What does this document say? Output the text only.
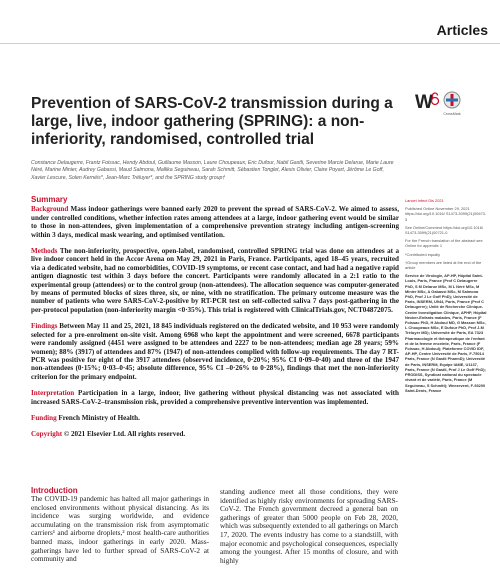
Articles
Prevention of SARS-CoV-2 transmission during a large, live, indoor gathering (SPRING): a non-inferiority, randomised, controlled trial
W
CrossMark
Constance Delaugerre, Frantz Foissac, Hendy Abdoul, Guillaume Masson, Laure Choupeaux, Eric Dufour, Nabil Gastli, Severine Marcie Delarue, Marie Laure Néré, Marine Minier, Audrey Gabassi, Maud Salmona, Mallika Seguineau, Sarah Schmitt, Sébastien Tonglet, Alexis Olivier, Claire Poyart, Jérôme Le Goff, Xavier Lescure, Solen Kernéis*, Jean-Marc Tréluyer*, and the SPRING study group†
Summary

Background Mass indoor gatherings were banned early 2020 to prevent the spread of SARS-CoV-2. We aimed to assess, under controlled conditions, whether infection rates among attendees at a large, indoor gathering event would be similar to those in non-attendees, given implementation of a comprehensive prevention strategy including antigen-screening within 3 days, medical mask wearing, and optimised ventilation.

Methods The non-inferiority, prospective, open-label, randomised, controlled SPRING trial was done on attendees at a live indoor concert held in the Accor Arena on May 29, 2021 in Paris, France. Participants, aged 18–45 years, recruited via a dedicated website, had no comorbidities, COVID-19 symptoms, or recent case contact, and had had a negative rapid antigen diagnostic test within 3 days before the concert. Participants were randomly allocated in a 2:1 ratio to the experimental group (attendees) or to the control group (non-attendees). The allocation sequence was computer-generated by means of permuted blocks of sizes three, six, or nine, with no stratification. The primary outcome measure was the number of patients who were SARS-CoV-2-positive by RT-PCR test on self-collected saliva 7 days post-gathering in the per-protocol population (non-inferiority margin <0·35%). This trial is registered with ClinicalTrials.gov, NCT04872075.

Findings Between May 11 and 25, 2021, 18 845 individuals registered on the dedicated website, and 10 953 were randomly selected for a pre-enrolment on-site visit. Among 6968 who kept the appointment and were screened, 6678 participants were randomly assigned (4451 were assigned to be attendees and 2227 to be non-attendees; median age 28 years; 59% women); 88% (3917) of attendees and 87% (1947) of non-attendees complied with follow-up requirements. The day 7 RT-PCR was positive for eight of the 3917 attendees (observed incidence, 0·20%; 95% CI 0·09–0·40) and three of the 1947 non-attendees (0·15%; 0·03–0·45; absolute difference, 95% CI –0·26% to 0·28%), findings that met the non-inferiority criterion for the primary endpoint.

Interpretation Participation in a large, indoor, live gathering without physical distancing was not associated with increased SARS-CoV-2–transmission risk, provided a comprehensive preventive intervention was implemented.

Funding French Ministry of Health.

Copyright © 2021 Elsevier Ltd. All rights reserved.

Introduction

The COVID-19 pandemic has halted all major gatherings in enclosed environments without physical distancing. As its incidence was surging worldwide, and evidence accumulating on the transmission risk from asymptomatic carriers¹ and airborne droplets,² most health-care authorities banned mass, indoor gatherings in early 2020. Mass-gatherings have led to further spread of SARS-CoV-2 at community and

standing audience meet all those conditions, they were identified as highly risky environments for spreading SARS-CoV-2. The French government decreed a general ban on gatherings of greater than 5000 people on Feb 28, 2020, which was subsequently extended to all gatherings on March 17, 2020. The events industry has come to a standstill, with major economic and psychological consequences, especially among the youngest. After 15 months of closure, and with highly

Lancet Infect Dis 2021
Published Online November 29, 2021 https://doi.org/10.1016/ S1473-3099(21)00673-3
See Online/Comment https://doi.org/10.1016/ S1473-3099(21)00721-0
For the French translation of the abstract see Online for appendix 1
*Contributed equally
†Group members are listed at the end of the article
Service de Virologie, AP-HP, Hôpital Saint-Louis, Paris, France (Prof C Delaugerre PhD, S M Delarue MSc, M L Néré MSc, M Minier MSc, A Gabassi MSc, M Salmona PhD, Prof J Le Goff PhD); Université de Paris, INSERM, U944, Paris, France (Prof C Delaugerre); Unité de Recherche Clinique-Centre Investigation Clinique, APHP, Hôpital Necker-Enfants malades, Paris, France (F Foissac PhD, H Abdoul MD, G Masson MSc, L Choupeaux MSc, E Dufour PhD, Prof J-M Tréluyer MD); Université de Paris, EA 7323 Pharmacologie et thérapeutique de l'enfant et de la femme enceinte, Paris, France (F Foissac, H Abdoul); Plateforme COVID IDF, AP-HP, Centre Université de Paris, F-75014 Paris, France (N Gastli PharmD); Université de Paris, INSERM, Equipe IAME, U1137, Paris, France (N Gastli, Prof J Le Goff PhD); PRODISS, Syndicat national du spectacle vivant et de variété, Paris, France (M Seguineau, S Schmitt); Weezevent, F-93200 Saint-Denis, France
